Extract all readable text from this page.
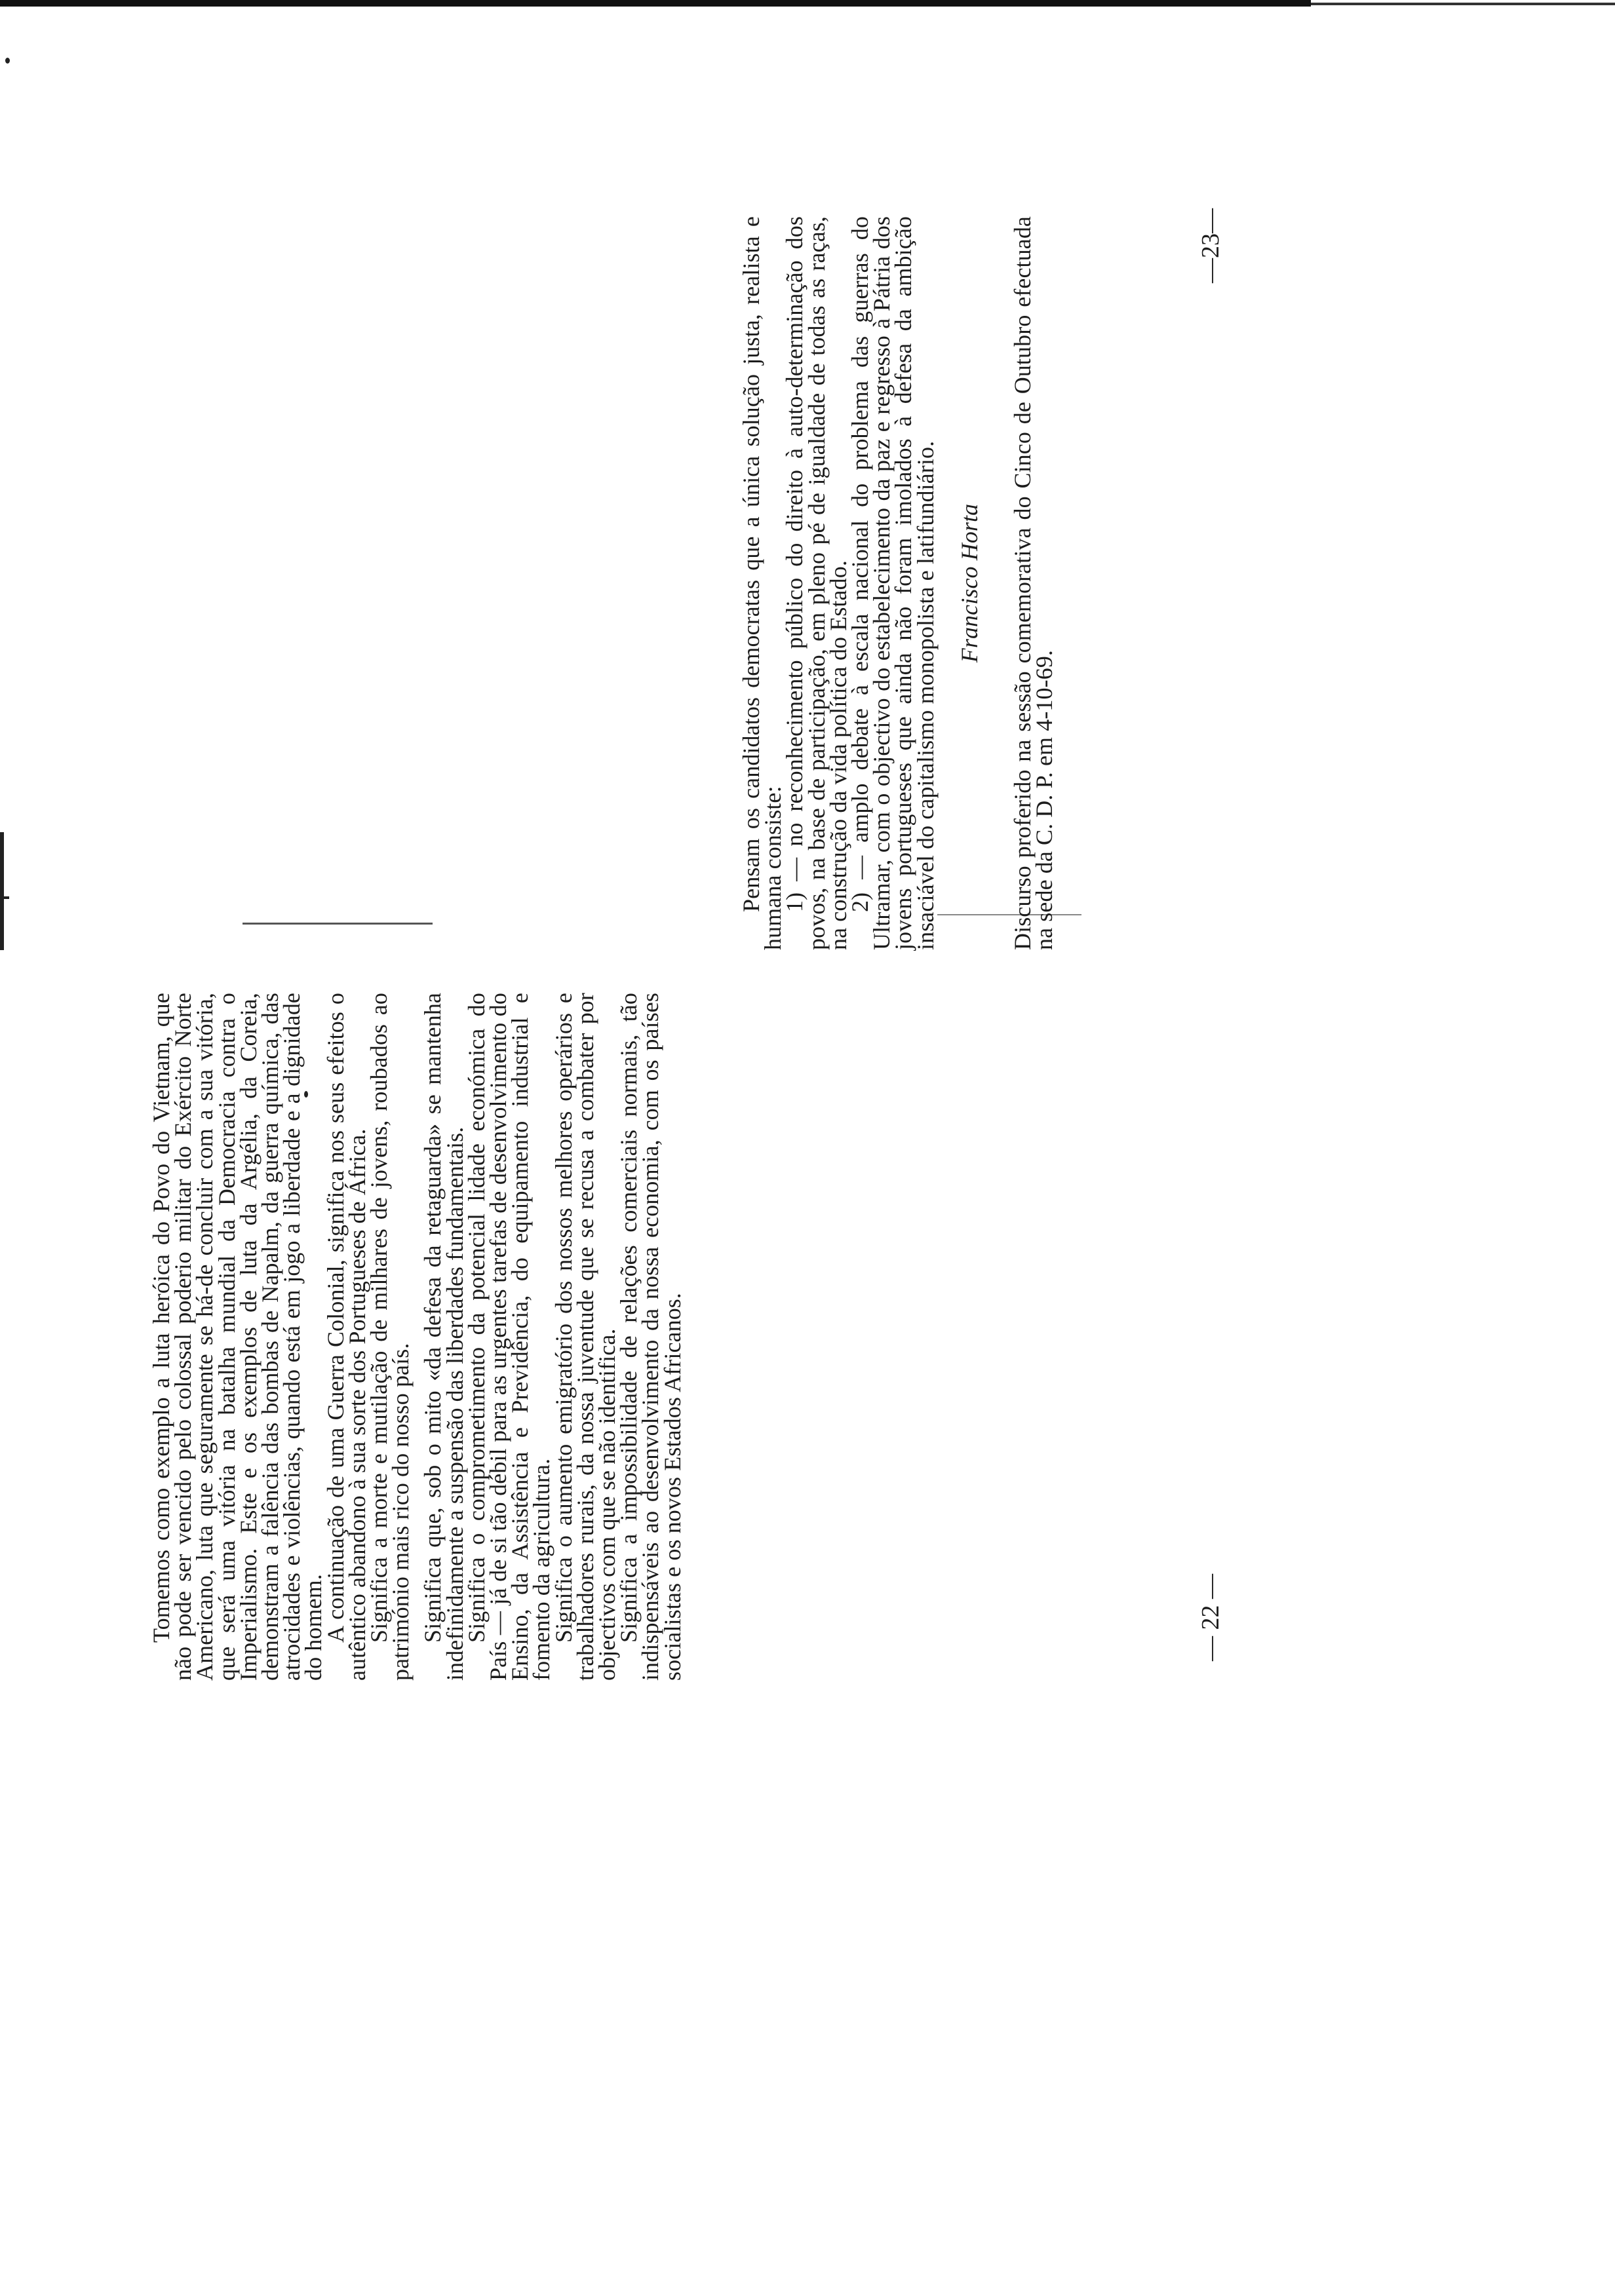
Tomemos como exemplo a luta heróica do Povo do Vietnam, que não pode ser vencido pelo colossal poderio militar do Exército Norte Americano, luta que seguramente se há-de concluir com a sua vitória, que será uma vitória na batalha mundial da Democracia contra o Imperialismo. Este e os exemplos de luta da Argélia, da Coreia, demonstram a falência das bombas de Napalm, da guerra química, das atrocidades e violências, quando está em jogo a liberdade e a dignidade do homem.

A continuação de uma Guerra Colonial, significa nos seus efeitos o autêntico abandono à sua sorte dos Portugueses de África.

Significa a morte e mutilação de milhares de jovens, roubados ao património mais rico do nosso país. Significa que, sob o mito «da defesa da retaguarda» se mantenha indefinidamente a suspensão das liberdades fundamentais.

Significa o comprometimento da potencial lidade económica do País — já de si tão débil para as urgentes tarefas de desenvolvimento do Ensino, da Assistência e Previdência, do equipamento industrial e fomento da agricultura.

Significa o aumento emigratório dos nossos melhores operários e trabalhadores rurais, da nossa juventude que se recusa a combater por objectivos com que se não identifica.

Significa a impossibilidade de relações comerciais normais, tão indispensáveis ao desenvolvimento da nossa economia, com os países socialistas e os novos Estados Africanos.	— 22 —

Pensam os candidatos democratas que a única solução justa, realista e humana consiste:

1) — no reconhecimento público do direito à auto-determinação dos povos, na base de participação, em pleno pé de igualdade de todas as raças, na construção da vida política do Estado.

2) — amplo debate à escala nacional do problema das guerras do Ultramar, com o objectivo do estabelecimento da paz e regresso à Pátria dos jovens portugueses que ainda não foram imolados à defesa da ambição insaciável do capitalismo monopolista e latifundiário. Francisco Horta Discurso proferido na sessão comemorativa do Cinco de Outubro efectuada na sede da C. D. P. em 4-10-69.

—23—
